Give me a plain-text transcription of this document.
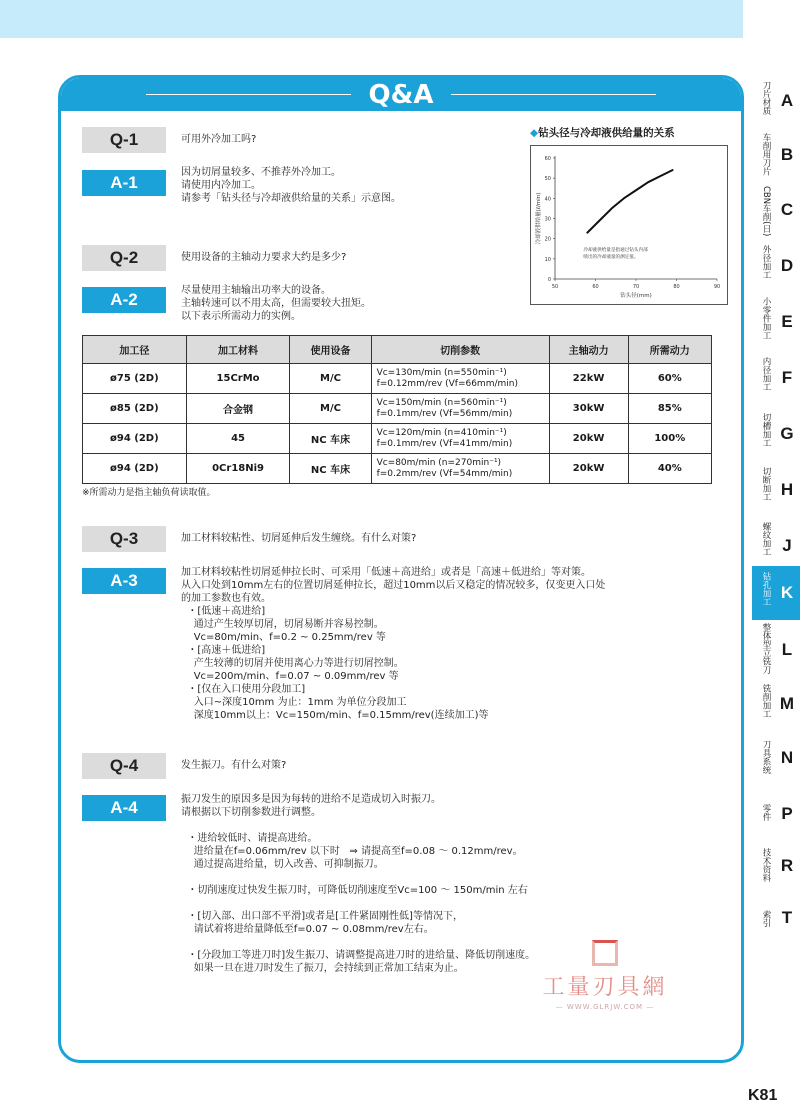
Q&A
Q-1	可用外冷加工吗?
A-1
因为切屑量较多、不推荐外冷加工。
请使用内冷加工。
请参考「钻头径与冷却液供给量的关系」示意图。
◆钻头径与冷却液供给量的关系
50	60	70	80	90
0
10
20
30
40
50
60
钻头径(mm)
冷却液供给量(ℓ/min)
冷却液供给量是指通过钻头内部
喷出的冷却液量的测定值。
Q-2	使用设备的主轴动力要求大约是多少?
A-2	尽量使用主轴输出功率大的设备。
主轴转速可以不用太高，但需要较大扭矩。
以下表示所需动力的实例。
加工径	加工材料	使用设备	切削参数	主轴动力	所需动力
ø75 (2D)	15CrMo	M/C	Vc=130m/min (n=550min⁻¹)
f=0.12mm/rev (Vf=66mm/min)	22kW	60%
ø85 (2D)	合金钢	M/C	Vc=150m/min (n=560min⁻¹)
f=0.1mm/rev (Vf=56mm/min)	30kW	85%
ø94 (2D)	45	NC 车床	Vc=120m/min (n=410min⁻¹)
f=0.1mm/rev (Vf=41mm/min)	20kW	100%
ø94 (2D)	0Cr18Ni9	NC 车床	Vc=80m/min (n=270min⁻¹)
f=0.2mm/rev (Vf=54mm/min)	20kW	40%
※所需动力是指主轴负荷读取值。
Q-3	加工材料较粘性、切屑延伸后发生缠绕。有什么对策?
A-3	加工材料较粘性切屑延伸拉长时、可采用「低速＋高进给」或者是「高速＋低进给」等对策。
从入口处到10mm左右的位置切屑延伸拉长，超过10mm以后又稳定的情况较多，仅变更入口处
的加工参数也有效。
・[低速＋高进给]
通过产生较厚切屑，切屑易断并容易控制。
Vc=80m/min、f=0.2 ~ 0.25mm/rev 等
・[高速＋低进给]
产生较薄的切屑并使用离心力等进行切屑控制。
Vc=200m/min、f=0.07 ~ 0.09mm/rev 等
・[仅在入口使用分段加工]
入口~深度10mm 为止：1mm 为单位分段加工
深度10mm以上：Vc=150m/min、f=0.15mm/rev(连续加工)等
Q-4	发生振刀。有什么对策?
A-4	振刀发生的原因多是因为每转的进给不足造成切入时振刀。
请根据以下切削参数进行调整。

・进给较低时、请提高进给。
进给量在f=0.06mm/rev 以下时   ⇒ 请提高至f=0.08 ～ 0.12mm/rev。
通过提高进给量，切入改善、可抑制振刀。

・切削速度过快发生振刀时，可降低切削速度至Vc=100 ～ 150m/min 左右

・[切入部、出口部不平滑]或者是[工件紧固刚性低]等情况下，
请试着将进给量降低至f=0.07 ~ 0.08mm/rev左右。

・[分段加工等进刀时]发生振刀、请调整提高进刀时的进给量、降低切削速度。
如果一旦在进刀时发生了振刀，会持续到正常加工结束为止。
工量刃具網
— WWW.GLRJW.COM —
刀片材质 A
车削用刀片 B
CBN车削(日) C
外径加工 D
小零件加工 E
内径加工 F
切槽加工 G
切断加工 H
螺纹加工 J
钻孔加工 K
整体型立铣刀 L
铣削加工 M
刀具系统 N
零件 P
技术资料 R
索引 T
K81
